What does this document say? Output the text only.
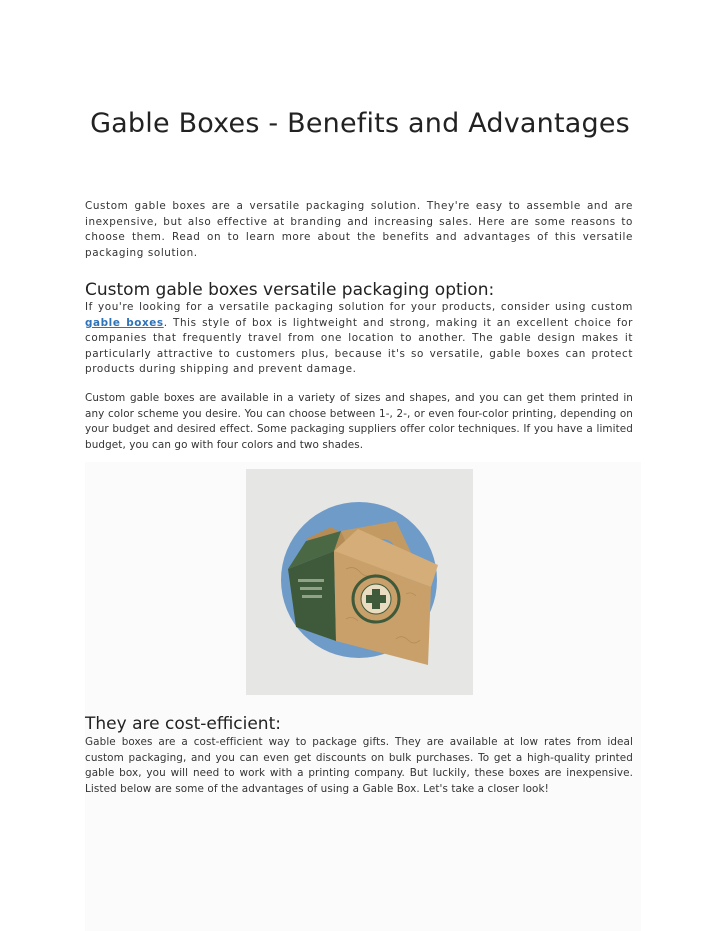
Gable Boxes - Benefits and Advantages

Custom gable boxes are a versatile packaging solution. They're easy to assemble and are inexpensive, but also effective at branding and increasing sales. Here are some reasons to choose them. Read on to learn more about the benefits and advantages of this versatile packaging solution.

Custom gable boxes versatile packaging option:

If you're looking for a versatile packaging solution for your products, consider using custom gable boxes. This style of box is lightweight and strong, making it an excellent choice for companies that frequently travel from one location to another. The gable design makes it particularly attractive to customers plus, because it's so versatile, gable boxes can protect products during shipping and prevent damage.

Custom gable boxes are available in a variety of sizes and shapes, and you can get them printed in any color scheme you desire. You can choose between 1-, 2-, or even four-color printing, depending on your budget and desired effect. Some packaging suppliers offer color techniques. If you have a limited budget, you can go with four colors and two shades.

They are cost-efficient:

Gable boxes are a cost-efficient way to package gifts. They are available at low rates from ideal custom packaging, and you can even get discounts on bulk purchases. To get a high-quality printed gable box, you will need to work with a printing company. But luckily, these boxes are inexpensive. Listed below are some of the advantages of using a Gable Box. Let's take a closer look!
